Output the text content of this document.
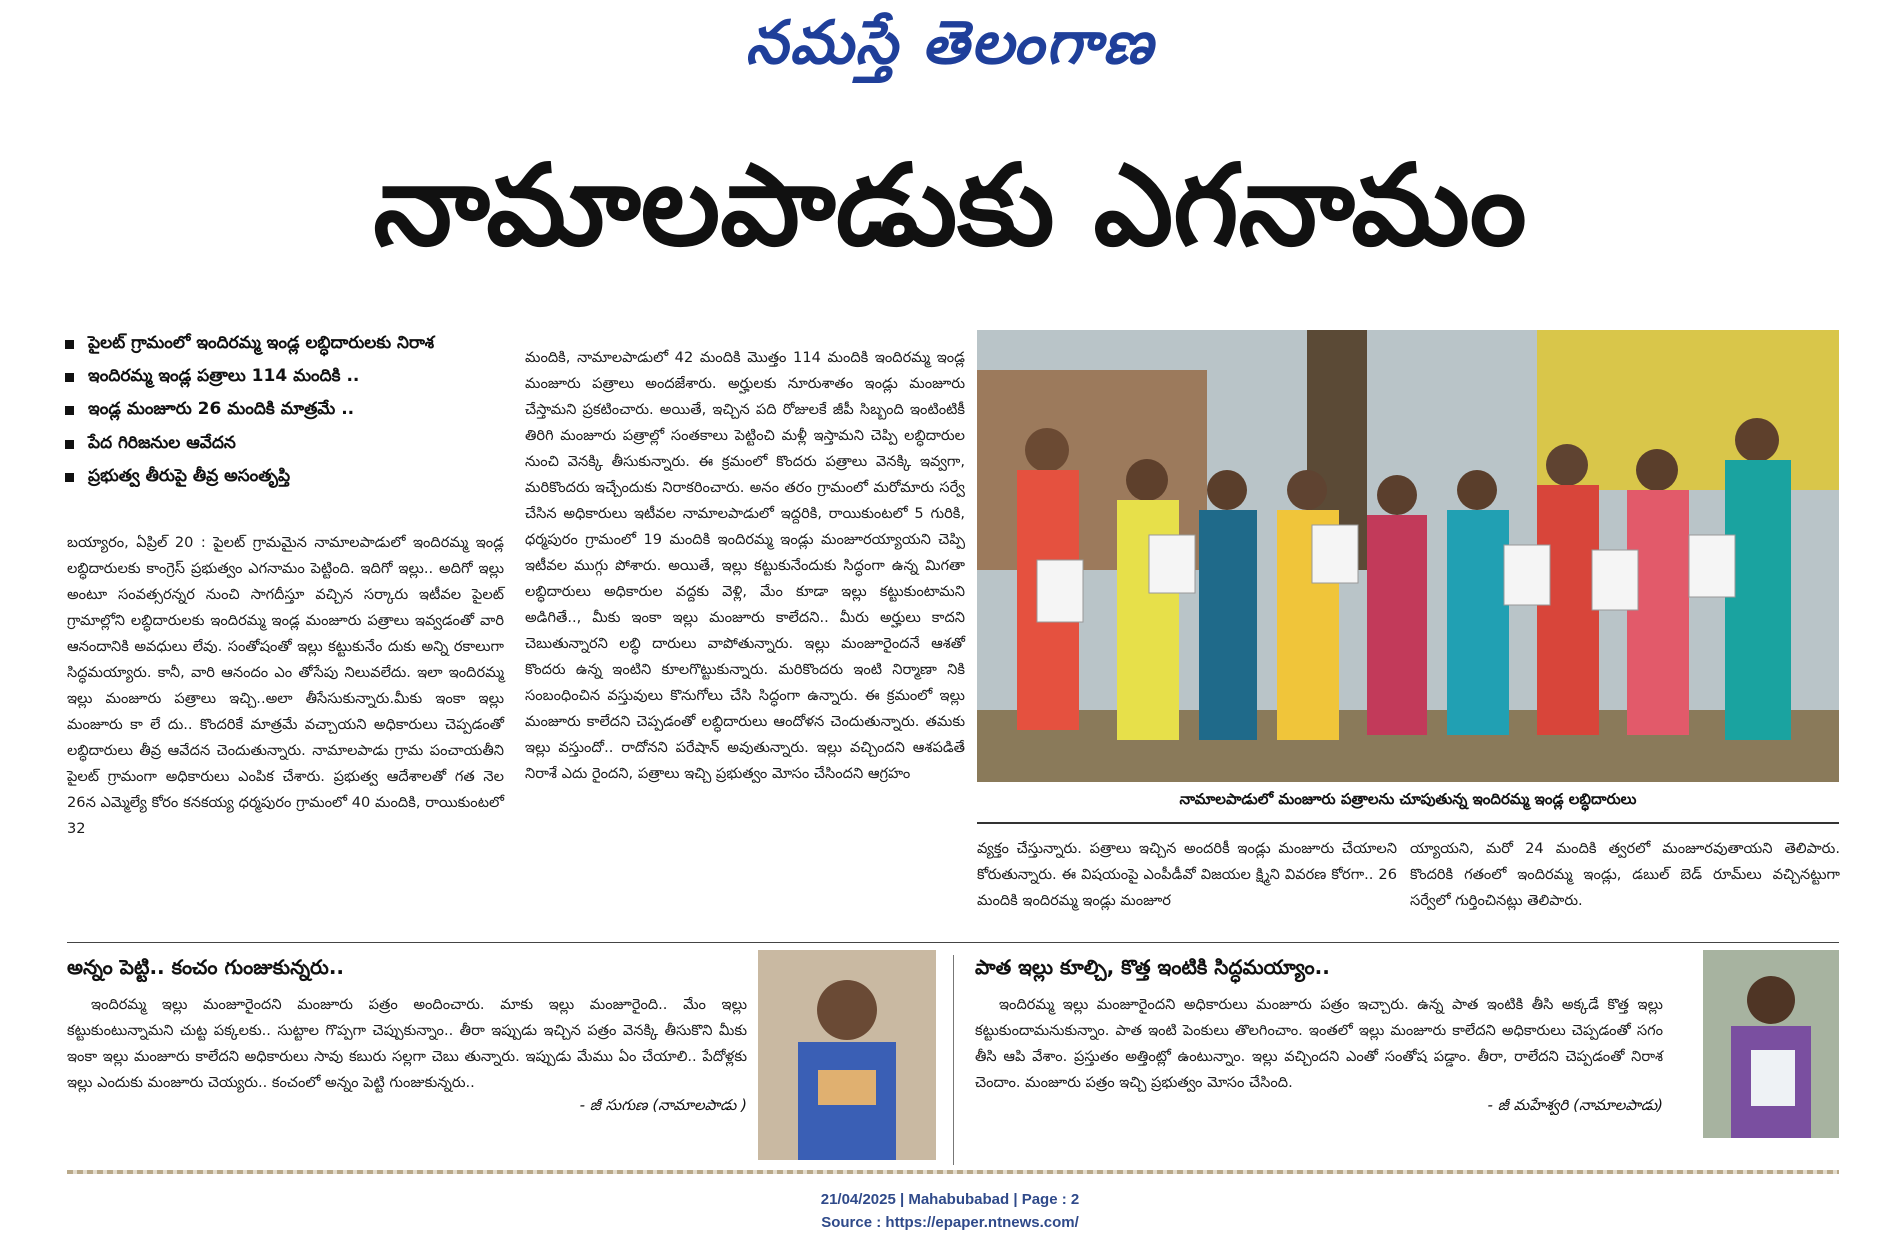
నమస్తే తెలంగాణ
నామాలపాడుకు ఎగనామం
పైలట్ గ్రామంలో ఇందిరమ్మ ఇండ్ల లబ్ధిదారులకు నిరాశ
ఇందిరమ్మ ఇండ్ల పత్రాలు 114 మందికి ..
ఇండ్ల మంజూరు 26 మందికి మాత్రమే ..
పేద గిరిజనుల ఆవేదన
ప్రభుత్వ తీరుపై తీవ్ర అసంతృప్తి
బయ్యారం, ఏప్రిల్ 20 : పైలట్ గ్రామమైన నామాలపాడులో ఇందిరమ్మ ఇండ్ల లబ్ధిదారులకు కాంగ్రెస్ ప్రభుత్వం ఎగనామం పెట్టింది. ఇదిగో ఇల్లు.. అదిగో ఇల్లు అంటూ సంవత్సరన్నర నుంచి సాగదీస్తూ వచ్చిన సర్కారు ఇటీవల పైలట్ గ్రామాల్లోని లబ్ధిదారులకు ఇందిరమ్మ ఇండ్ల మంజూరు పత్రాలు ఇవ్వడంతో వారి ఆనందానికి అవధులు లేవు. సంతోషంతో ఇల్లు కట్టుకునేం దుకు అన్ని రకాలుగా సిద్ధమయ్యారు. కానీ, వారి ఆనందం ఎం తోసేపు నిలువలేదు. ఇలా ఇందిరమ్మ ఇల్లు మంజూరు పత్రాలు ఇచ్చి..అలా తీసేసుకున్నారు.మీకు ఇంకా ఇల్లు మంజూరు కా లే దు.. కొందరికే మాత్రమే వచ్చాయని అధికారులు చెప్పడంతో లబ్ధిదారులు తీవ్ర ఆవేదన చెందుతున్నారు. నామాలపాడు గ్రామ పంచాయతీని పైలట్ గ్రామంగా అధికారులు ఎంపిక చేశారు. ప్రభుత్వ ఆదేశాలతో గత నెల 26న ఎమ్మెల్యే కోరం కనకయ్య ధర్మపురం గ్రామంలో 40 మందికి, రాయికుంటలో 32
మందికి, నామాలపాడులో 42 మందికి మొత్తం 114 మందికి ఇందిరమ్మ ఇండ్ల మంజూరు పత్రాలు అందజేశారు. అర్హులకు నూరుశాతం ఇండ్లు మంజూరు చేస్తామని ప్రకటించారు. అయితే, ఇచ్చిన పది రోజులకే జీపీ సిబ్బంది ఇంటింటికీ తిరిగి మంజూరు పత్రాల్లో సంతకాలు పెట్టించి మళ్లీ ఇస్తామని చెప్పి లబ్ధిదారుల నుంచి వెనక్కి తీసుకున్నారు. ఈ క్రమంలో కొందరు పత్రాలు వెనక్కి ఇవ్వగా, మరికొందరు ఇచ్చేందుకు నిరాకరించారు. అనం తరం గ్రామంలో మరోమారు సర్వే చేసిన అధికారులు ఇటీవల నామాలపాడులో ఇద్దరికి, రాయికుంటలో 5 గురికి, ధర్మపురం గ్రామంలో 19 మందికి ఇందిరమ్మ ఇండ్లు మంజూరయ్యాయని చెప్పి ఇటీవల ముగ్గు పోశారు. అయితే, ఇల్లు కట్టుకునేందుకు సిద్ధంగా ఉన్న మిగతా లబ్ధిదారులు అధికారుల వద్దకు వెళ్లి, మేం కూడా ఇల్లు కట్టుకుంటామని అడిగితే.., మీకు ఇంకా ఇల్లు మంజూరు కాలేదని.. మీరు అర్హులు కాదని చెబుతున్నారని లబ్ధి దారులు వాపోతున్నారు. ఇల్లు మంజూరైందనే ఆశతో కొందరు ఉన్న ఇంటిని కూలగొట్టుకున్నారు. మరికొందరు ఇంటి నిర్మాణా నికి సంబంధించిన వస్తువులు కొనుగోలు చేసి సిద్ధంగా ఉన్నారు. ఈ క్రమంలో ఇల్లు మంజూరు కాలేదని చెప్పడంతో లబ్ధిదారులు ఆందోళన చెందుతున్నారు. తమకు ఇల్లు వస్తుందో.. రాదోనని పరేషాన్ అవుతున్నారు. ఇల్లు వచ్చిందని ఆశపడితే నిరాశే ఎదు రైందని, పత్రాలు ఇచ్చి ప్రభుత్వం మోసం చేసిందని ఆగ్రహం
నామాలపాడులో మంజూరు పత్రాలను చూపుతున్న ఇందిరమ్మ ఇండ్ల లబ్ధిదారులు
వ్యక్తం చేస్తున్నారు. పత్రాలు ఇచ్చిన అందరికీ ఇండ్లు మంజూరు చేయాలని కోరుతున్నారు. ఈ విషయంపై ఎంపీడీవో విజయల క్ష్మిని వివరణ కోరగా.. 26 మందికి ఇందిరమ్మ ఇండ్లు మంజూర
య్యాయని, మరో 24 మందికి త్వరలో మంజూరవుతాయని తెలిపారు. కొందరికి గతంలో ఇందిరమ్మ ఇండ్లు, డబుల్ బెడ్ రూమ్‌లు వచ్చినట్టుగా సర్వేలో గుర్తించినట్లు తెలిపారు.
అన్నం పెట్టి.. కంచం గుంజుకున్నరు..
ఇందిరమ్మ ఇల్లు మంజూరైందని మంజూరు పత్రం అందించారు. మాకు ఇల్లు మంజూరైంది.. మేం ఇల్లు కట్టుకుంటున్నామని చుట్ట పక్కలకు.. సుట్టాల గొప్పగా చెప్పుకున్నాం.. తీరా ఇప్పుడు ఇచ్చిన పత్రం వెనక్కి తీసుకొని మీకు ఇంకా ఇల్లు మంజూరు కాలేదని అధికారులు సావు కబురు సల్లగా చెబు తున్నారు. ఇప్పుడు మేము ఏం చేయాలి.. పేదోళ్లకు ఇల్లు ఎందుకు మంజూరు చెయ్యరు.. కంచంలో అన్నం పెట్టి గుంజుకున్నరు..
- జీ సుగుణ (నామాలపాడు )
పాత ఇల్లు కూల్చి, కొత్త ఇంటికి సిద్ధమయ్యాం..
ఇందిరమ్మ ఇల్లు మంజూరైందని అధికారులు మంజూరు పత్రం ఇచ్చారు. ఉన్న పాత ఇంటికి తీసి అక్కడే కొత్త ఇల్లు కట్టుకుందామనుకున్నాం. పాత ఇంటి పెంకులు తొలగించాం. ఇంతలో ఇల్లు మంజూరు కాలేదని అధికారులు చెప్పడంతో సగం తీసి ఆపి వేశాం. ప్రస్తుతం అత్తింట్లో ఉంటున్నాం. ఇల్లు వచ్చిందని ఎంతో సంతోష పడ్డాం. తీరా, రాలేదని చెప్పడంతో నిరాశ చెందాం. మంజూరు పత్రం ఇచ్చి ప్రభుత్వం మోసం చేసింది.
- జీ మహేశ్వరి (నామాలపాడు)
21/04/2025 | Mahabubabad | Page : 2
Source : https://epaper.ntnews.com/
